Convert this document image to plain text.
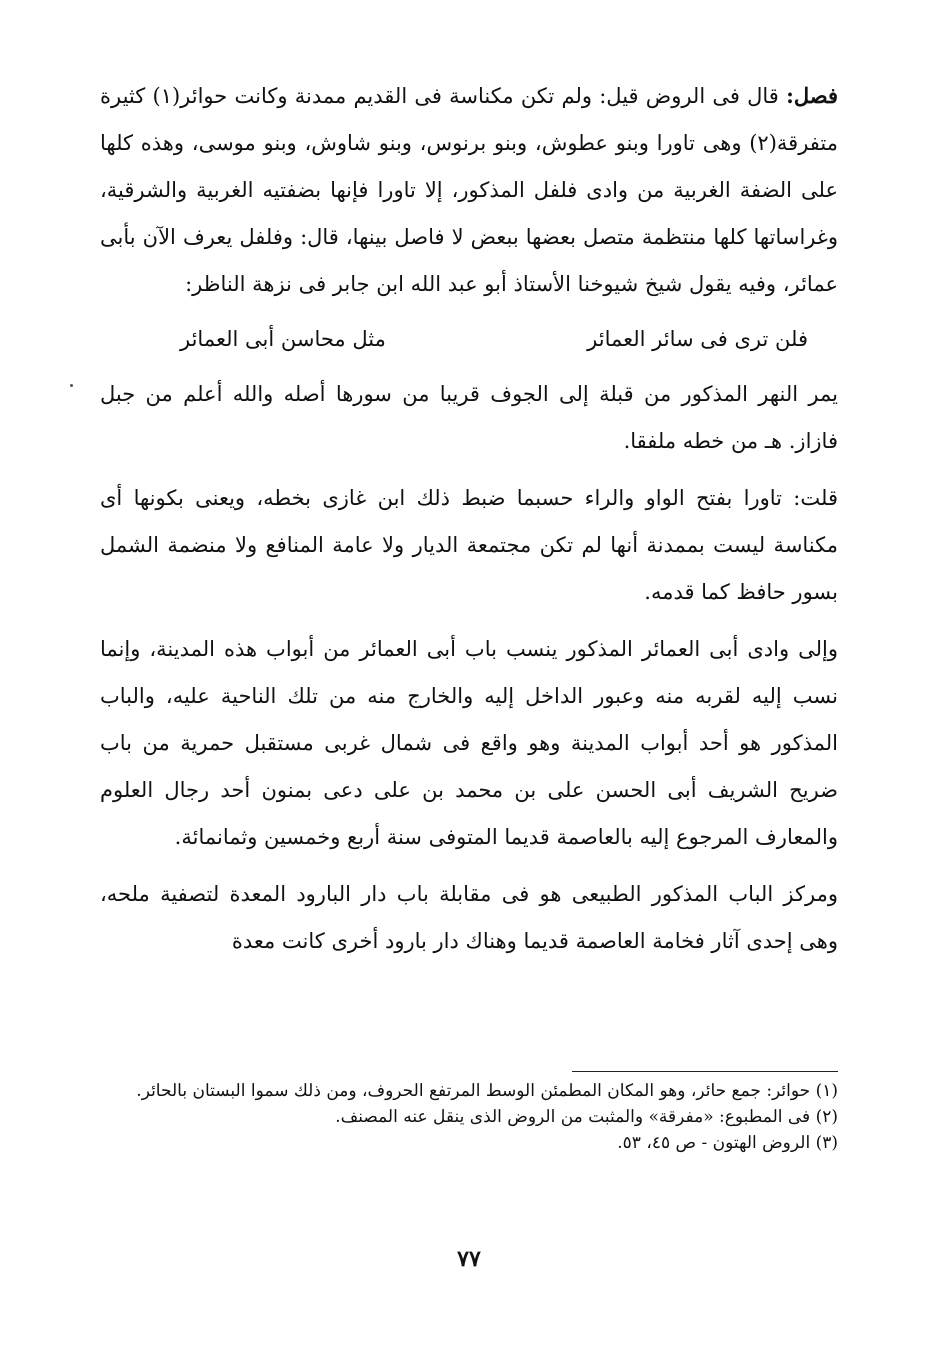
فصل: قال فى الروض قيل: ولم تكن مكناسة فى القديم ممدنة وكانت حوائر(١) كثيرة متفرقة(٢) وهى تاورا وبنو عطوش، وبنو برنوس، وبنو شاوش، وبنو موسى، وهذه كلها على الضفة الغربية من وادى فلفل المذكور، إلا تاورا فإنها بضفتيه الغربية والشرقية، وغراساتها كلها منتظمة متصل بعضها ببعض لا فاصل بينها، قال: وفلفل يعرف الآن بأبى عمائر، وفيه يقول شيخ شيوخنا الأستاذ أبو عبد الله ابن جابر فى نزهة الناظر:

فلن ترى فى سائر العمائر
مثل محاسن أبى العمائر

يمر النهر المذكور من قبلة إلى الجوف قريبا من سورها أصله والله أعلم من جبل فازاز. هـ من خطه ملفقا.

قلت: تاورا بفتح الواو والراء حسبما ضبط ذلك ابن غازى بخطه، ويعنى بكونها أى مكناسة ليست بممدنة أنها لم تكن مجتمعة الديار ولا عامة المنافع ولا منضمة الشمل بسور حافظ كما قدمه.

وإلى وادى أبى العمائر المذكور ينسب باب أبى العمائر من أبواب هذه المدينة، وإنما نسب إليه لقربه منه وعبور الداخل إليه والخارج منه من تلك الناحية عليه، والباب المذكور هو أحد أبواب المدينة وهو واقع فى شمال غربى مستقبل حمرية من باب ضريح الشريف أبى الحسن على بن محمد بن على دعى بمنون أحد رجال العلوم والمعارف المرجوع إليه بالعاصمة قديما المتوفى سنة أربع وخمسين وثمانمائة.

ومركز الباب المذكور الطبيعى هو فى مقابلة باب دار البارود المعدة لتصفية ملحه، وهى إحدى آثار فخامة العاصمة قديما وهناك دار بارود أخرى كانت معدة

(١) حوائر: جمع حائر، وهو المكان المطمئن الوسط المرتفع الحروف، ومن ذلك سموا البستان بالحائر.

(٢) فى المطبوع: «مفرقة» والمثبت من الروض الذى ينقل عنه المصنف.

(٣) الروض الهتون - ص ٤٥، ٥٣.

٧٧
